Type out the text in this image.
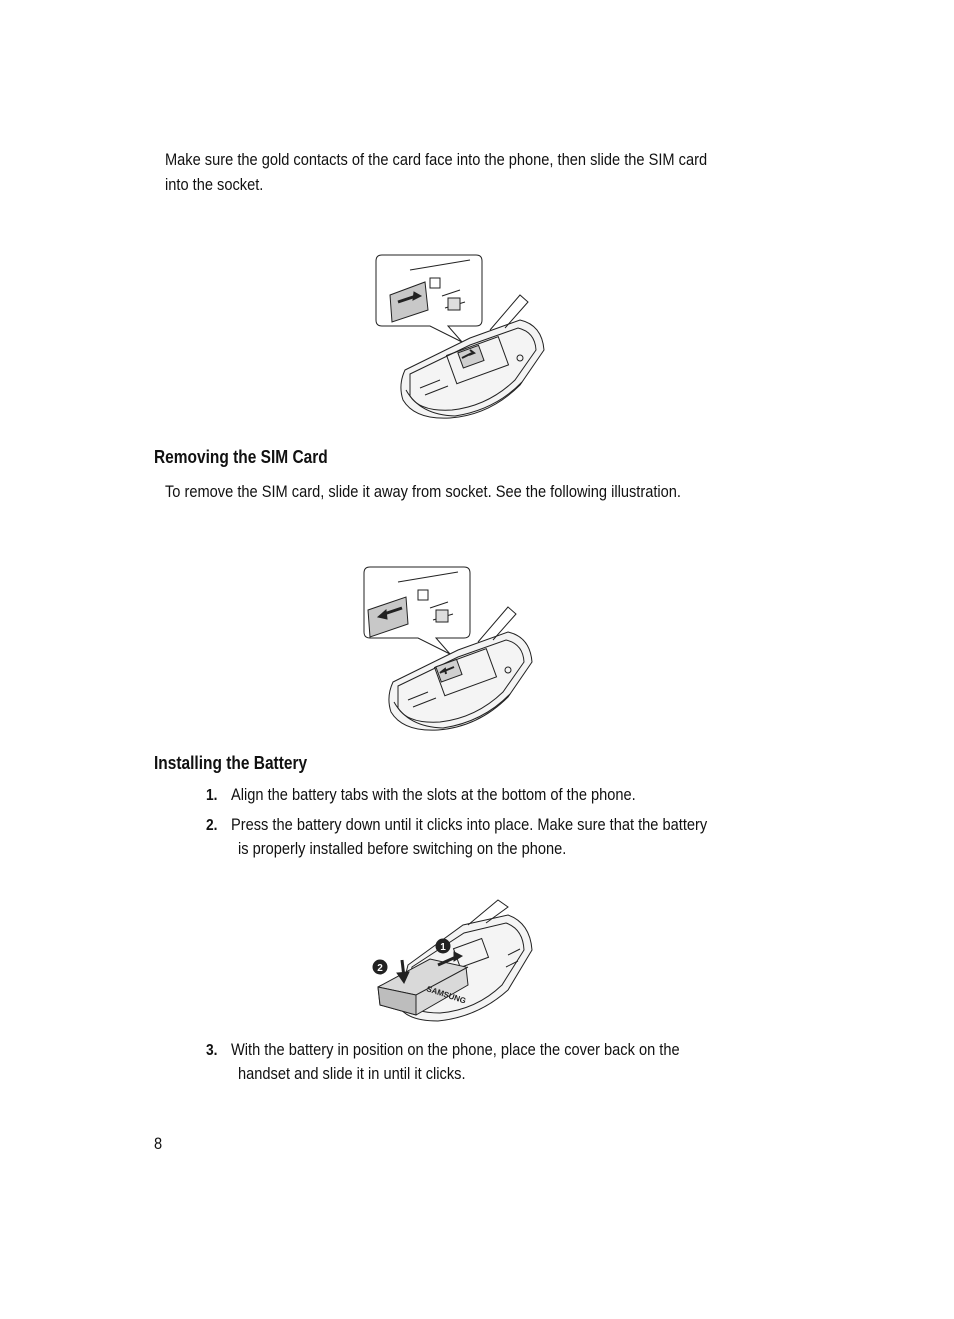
Make sure the gold contacts of the card face into the phone, then slide the SIM card
into the socket.
Removing the SIM Card
To remove the SIM card, slide it away from socket. See the following illustration.
Installing the Battery
1. Align the battery tabs with the slots at the bottom of the phone.
2. Press the battery down until it clicks into place. Make sure that the battery
is properly installed before switching on the phone.
SAMSUNG
1
2
3. With the battery in position on the phone, place the cover back on the
handset and slide it in until it clicks.
8
